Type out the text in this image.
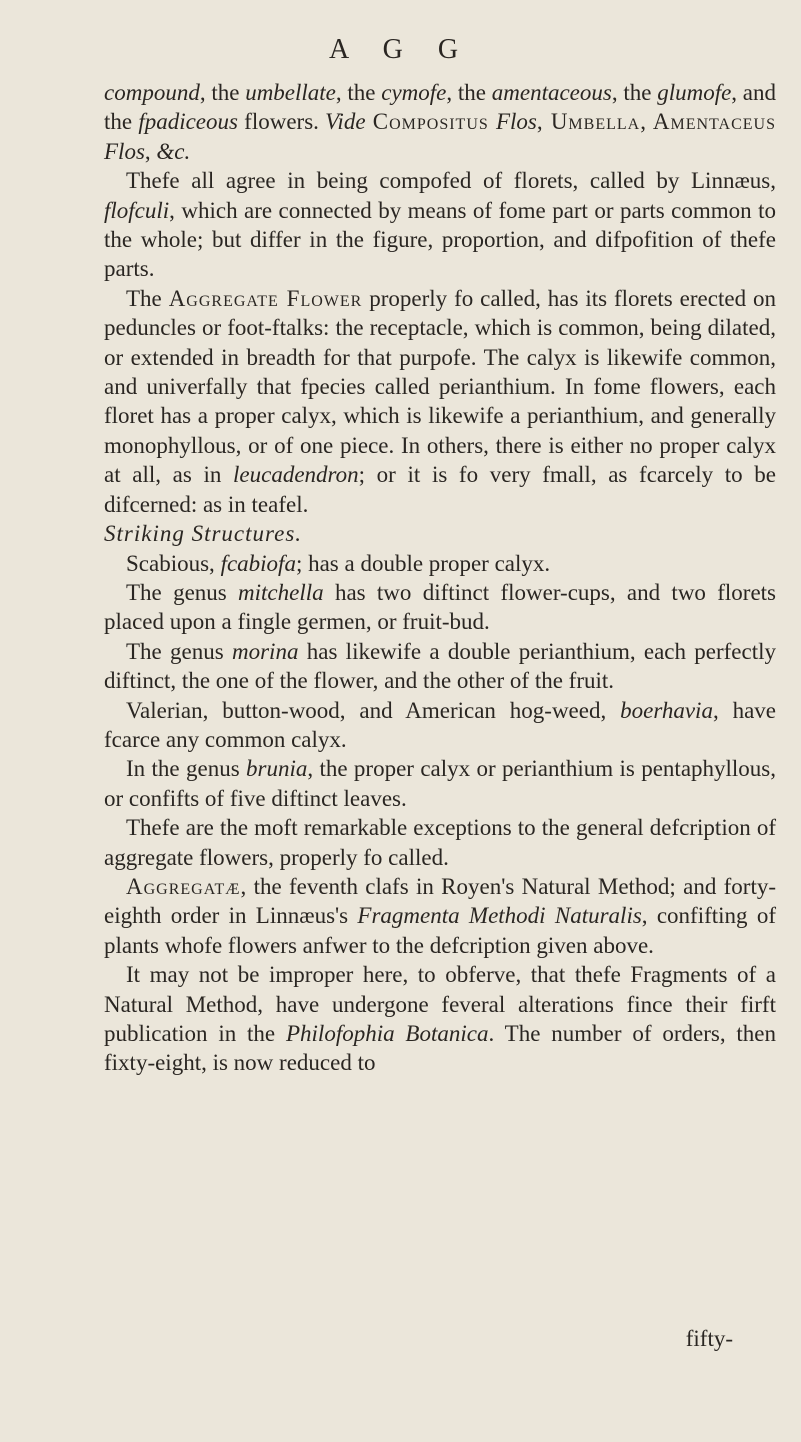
A G G

compound, the umbellate, the cymofe, the amentaceous, the glumofe, and the fpadiceous flowers. Vide Compositus Flos, Umbella, Amentaceus Flos, &c.

Thefe all agree in being compofed of florets, called by Linnæus, flofculi, which are connected by means of fome part or parts common to the whole; but differ in the figure, proportion, and difpofition of thefe parts.

The Aggregate Flower properly fo called, has its florets erected on peduncles or foot-ftalks: the receptacle, which is common, being dilated, or extended in breadth for that purpofe. The calyx is likewife common, and univerfally that fpecies called perianthium. In fome flowers, each floret has a proper calyx, which is likewife a perianthium, and generally monophyllous, or of one piece. In others, there is either no proper calyx at all, as in leucadendron; or it is fo very fmall, as fcarcely to be difcerned: as in teafel.

Striking Structures.

Scabious, fcabiofa; has a double proper calyx.

The genus mitchella has two diftinct flower-cups, and two florets placed upon a fingle germen, or fruit-bud.

The genus morina has likewife a double perianthium, each perfectly diftinct, the one of the flower, and the other of the fruit.

Valerian, button-wood, and American hog-weed, boerhavia, have fcarce any common calyx.

In the genus brunia, the proper calyx or perianthium is pentaphyllous, or confifts of five diftinct leaves.

Thefe are the moft remarkable exceptions to the general defcription of aggregate flowers, properly fo called.

Aggregatæ, the feventh clafs in Royen's Natural Method; and forty-eighth order in Linnæus's Fragmenta Methodi Naturalis, confifting of plants whofe flowers anfwer to the defcription given above.

It may not be improper here, to obferve, that thefe Fragments of a Natural Method, have undergone feveral alterations fince their firft publication in the Philofophia Botanica. The number of orders, then fixty-eight, is now reduced to

fifty-
